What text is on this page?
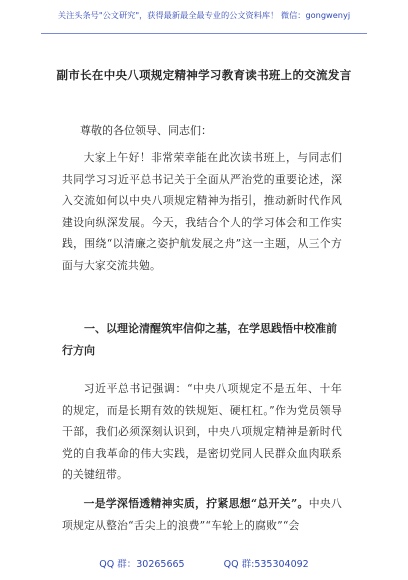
关注头条号"公文研究"，获得最新最全最专业的公文资料库！ 微信：gongwenyj
副市长在中央八项规定精神学习教育读书班上的交流发言
尊敬的各位领导、同志们：
大家上午好！非常荣幸能在此次读书班上，与同志们共同学习习近平总书记关于全面从严治党的重要论述，深入交流如何以中央八项规定精神为指引，推动新时代作风建设向纵深发展。今天，我结合个人的学习体会和工作实践，围绕“以清廉之姿护航发展之舟”这一主题，从三个方面与大家交流共勉。
一、以理论清醒筑牢信仰之基，在学思践悟中校准前行方向
习近平总书记强调：“中央八项规定不是五年、十年的规定，而是长期有效的铁规矩、硬杠杠。”作为党员领导干部，我们必须深刻认识到，中央八项规定精神是新时代党的自我革命的伟大实践，是密切党同人民群众血肉联系的关键纽带。
一是学深悟透精神实质，拧紧思想“总开关”。中央八项规定从整治“舌尖上的浪费”“车轮上的腐败”“会
QQ 群：30265665	QQ 群:535304092
